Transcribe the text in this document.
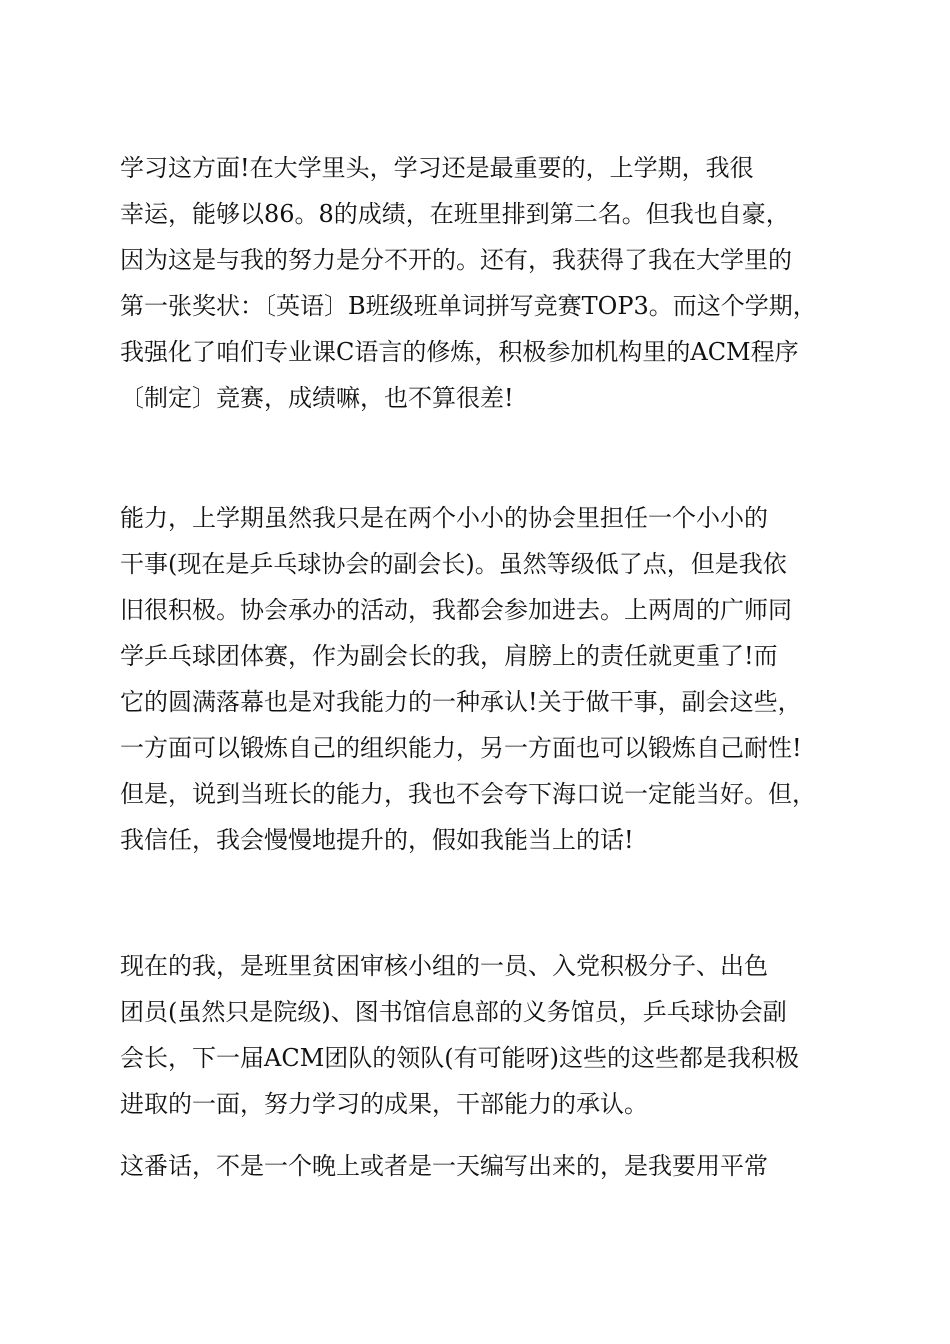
学习这方面!在大学里头，学习还是最重要的，上学期，我很
幸运，能够以86。8的成绩，在班里排到第二名。但我也自豪，
因为这是与我的努力是分不开的。还有，我获得了我在大学里的
第一张奖状：〔英语〕B班级班单词拼写竞赛TOP3。而这个学期，
我强化了咱们专业课C语言的修炼，积极参加机构里的ACM程序
〔制定〕竞赛，成绩嘛，也不算很差!
能力，上学期虽然我只是在两个小小的协会里担任一个小小的
干事(现在是乒乓球协会的副会长)。虽然等级低了点，但是我依
旧很积极。协会承办的活动，我都会参加进去。上两周的广师同
学乒乓球团体赛，作为副会长的我，肩膀上的责任就更重了!而
它的圆满落幕也是对我能力的一种承认!关于做干事，副会这些，
一方面可以锻炼自己的组织能力，另一方面也可以锻炼自己耐性!
但是，说到当班长的能力，我也不会夸下海口说一定能当好。但，
我信任，我会慢慢地提升的，假如我能当上的话!
现在的我，是班里贫困审核小组的一员、入党积极分子、出色
团员(虽然只是院级)、图书馆信息部的义务馆员，乒乓球协会副
会长，下一届ACM团队的领队(有可能呀)这些的这些都是我积极
进取的一面，努力学习的成果，干部能力的承认。
这番话，不是一个晚上或者是一天编写出来的，是我要用平常
